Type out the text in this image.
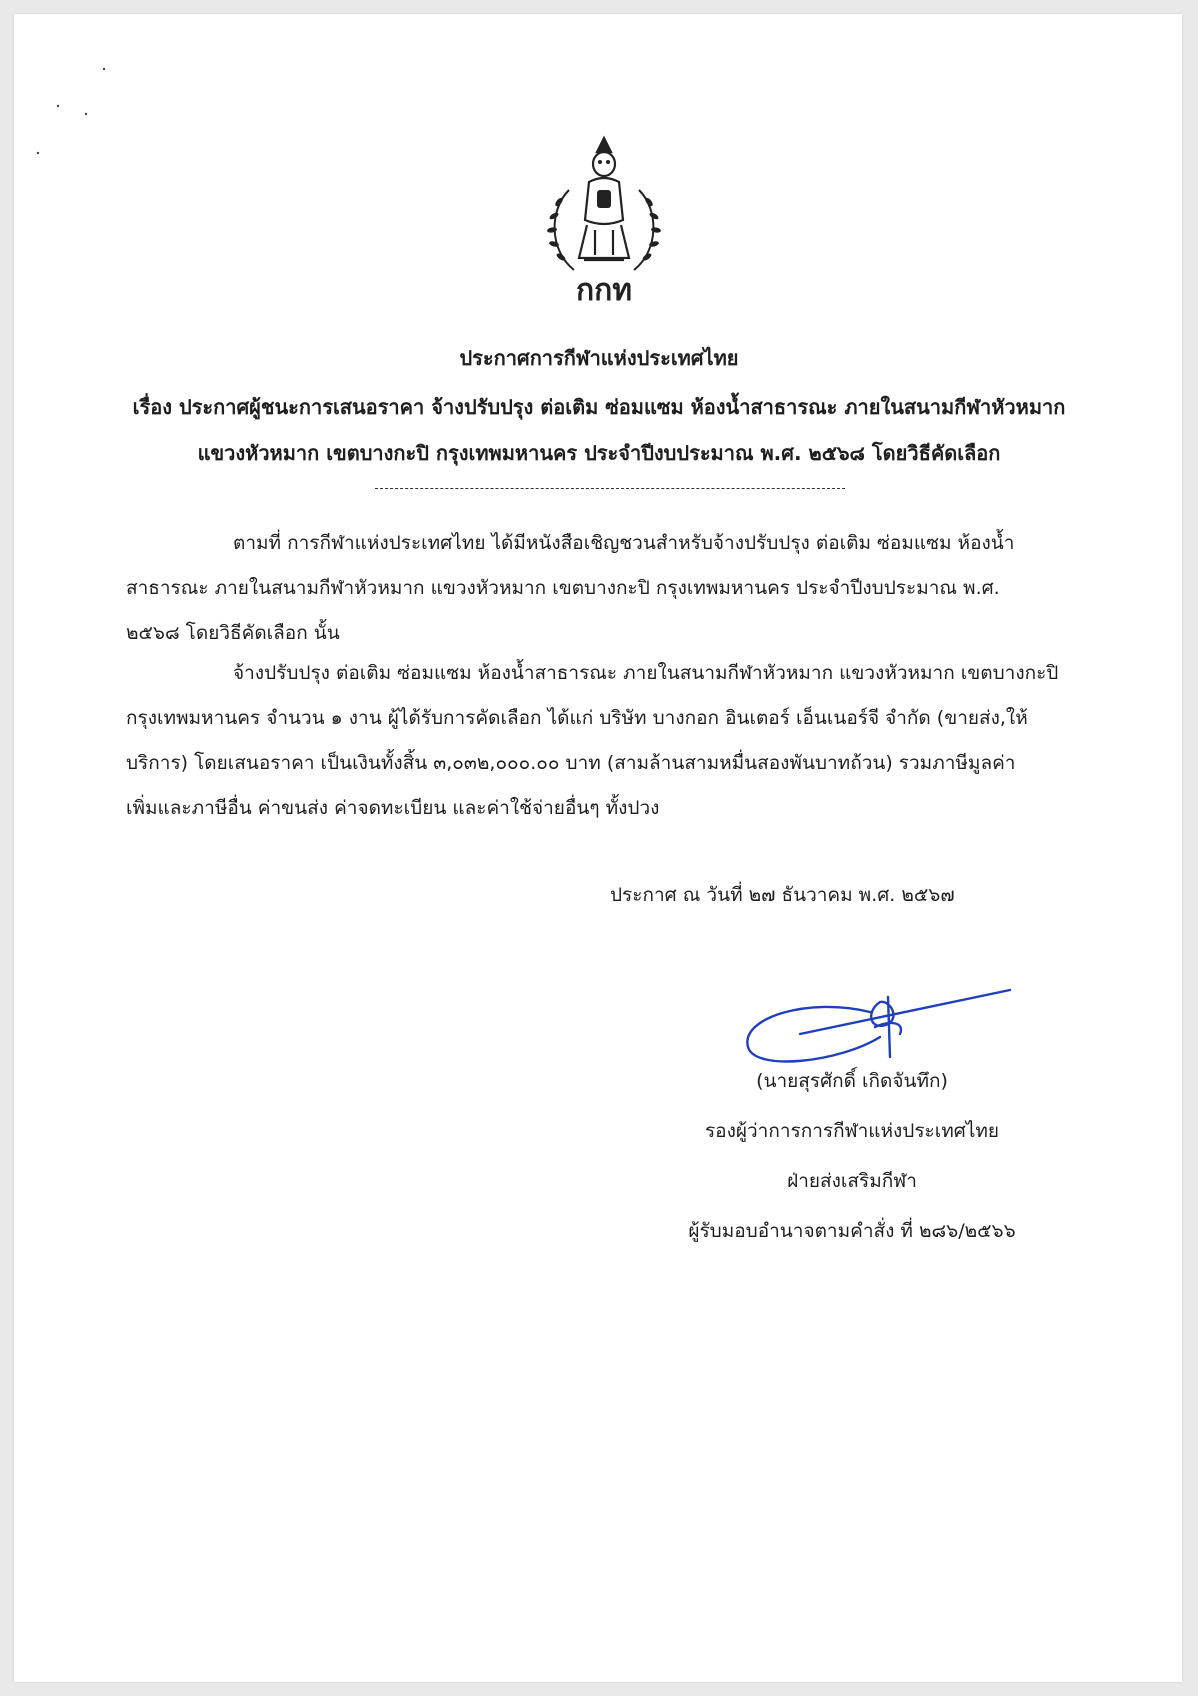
กกท
ประกาศการกีฬาแห่งประเทศไทย
เรื่อง ประกาศผู้ชนะการเสนอราคา จ้างปรับปรุง ต่อเติม ซ่อมแซม ห้องน้ำสาธารณะ ภายในสนามกีฬาหัวหมาก
แขวงหัวหมาก เขตบางกะปิ กรุงเทพมหานคร ประจำปีงบประมาณ พ.ศ. ๒๕๖๘ โดยวิธีคัดเลือก
ตามที่ การกีฬาแห่งประเทศไทย ได้มีหนังสือเชิญชวนสำหรับจ้างปรับปรุง ต่อเติม ซ่อมแซม ห้องน้ำ
สาธารณะ ภายในสนามกีฬาหัวหมาก แขวงหัวหมาก เขตบางกะปิ กรุงเทพมหานคร ประจำปีงบประมาณ พ.ศ.
๒๕๖๘ โดยวิธีคัดเลือก นั้น
จ้างปรับปรุง ต่อเติม ซ่อมแซม ห้องน้ำสาธารณะ ภายในสนามกีฬาหัวหมาก แขวงหัวหมาก เขตบางกะปิ
กรุงเทพมหานคร จำนวน ๑ งาน ผู้ได้รับการคัดเลือก ได้แก่ บริษัท บางกอก อินเตอร์ เอ็นเนอร์จี จำกัด (ขายส่ง,ให้
บริการ) โดยเสนอราคา เป็นเงินทั้งสิ้น ๓,๐๓๒,๐๐๐.๐๐ บาท (สามล้านสามหมื่นสองพันบาทถ้วน) รวมภาษีมูลค่า
เพิ่มและภาษีอื่น ค่าขนส่ง ค่าจดทะเบียน และค่าใช้จ่ายอื่นๆ ทั้งปวง
ประกาศ ณ วันที่ ๒๗ ธันวาคม พ.ศ. ๒๕๖๗
(นายสุรศักดิ์ เกิดจันทึก)
รองผู้ว่าการการกีฬาแห่งประเทศไทย
ฝ่ายส่งเสริมกีฬา
ผู้รับมอบอำนาจตามคำสั่ง ที่ ๒๘๖/๒๕๖๖
